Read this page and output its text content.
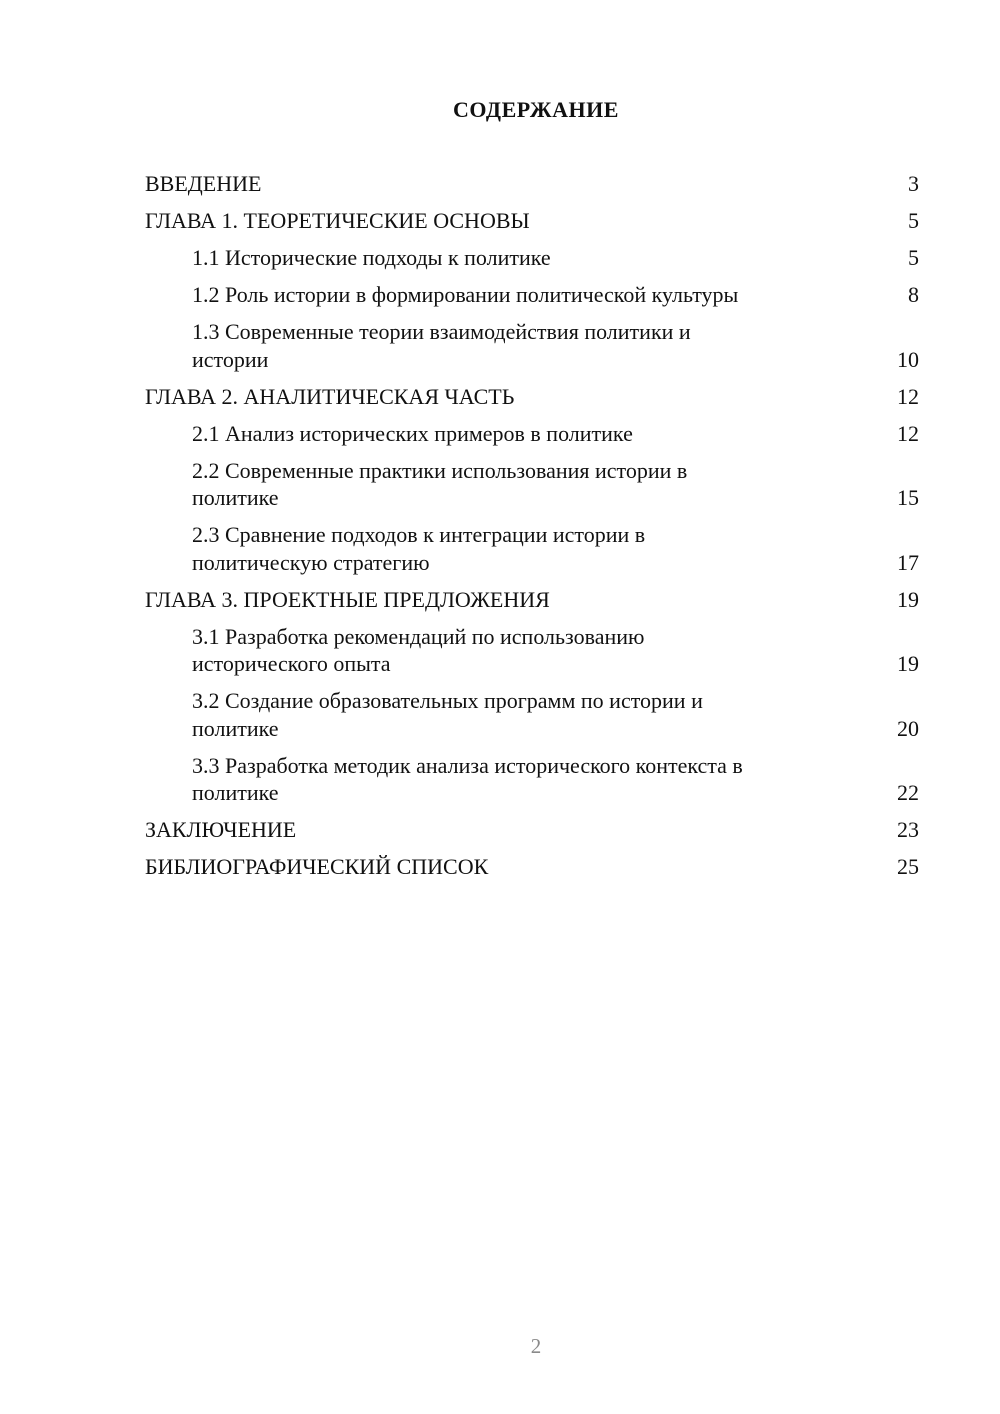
СОДЕРЖАНИЕ
ВВЕДЕНИЕ	3
ГЛАВА 1. ТЕОРЕТИЧЕСКИЕ ОСНОВЫ	5
1.1 Исторические подходы к политике	5
1.2 Роль истории в формировании политической культуры	8
1.3 Современные теории взаимодействия политики и
истории	10
ГЛАВА 2. АНАЛИТИЧЕСКАЯ ЧАСТЬ	12
2.1 Анализ исторических примеров в политике	12
2.2 Современные практики использования истории в
политике	15
2.3 Сравнение подходов к интеграции истории в
политическую стратегию	17
ГЛАВА 3. ПРОЕКТНЫЕ ПРЕДЛОЖЕНИЯ	19
3.1 Разработка рекомендаций по использованию
исторического опыта	19
3.2 Создание образовательных программ по истории и
политике	20
3.3 Разработка методик анализа исторического контекста в
политике	22
ЗАКЛЮЧЕНИЕ	23
БИБЛИОГРАФИЧЕСКИЙ СПИСОК	25

2
